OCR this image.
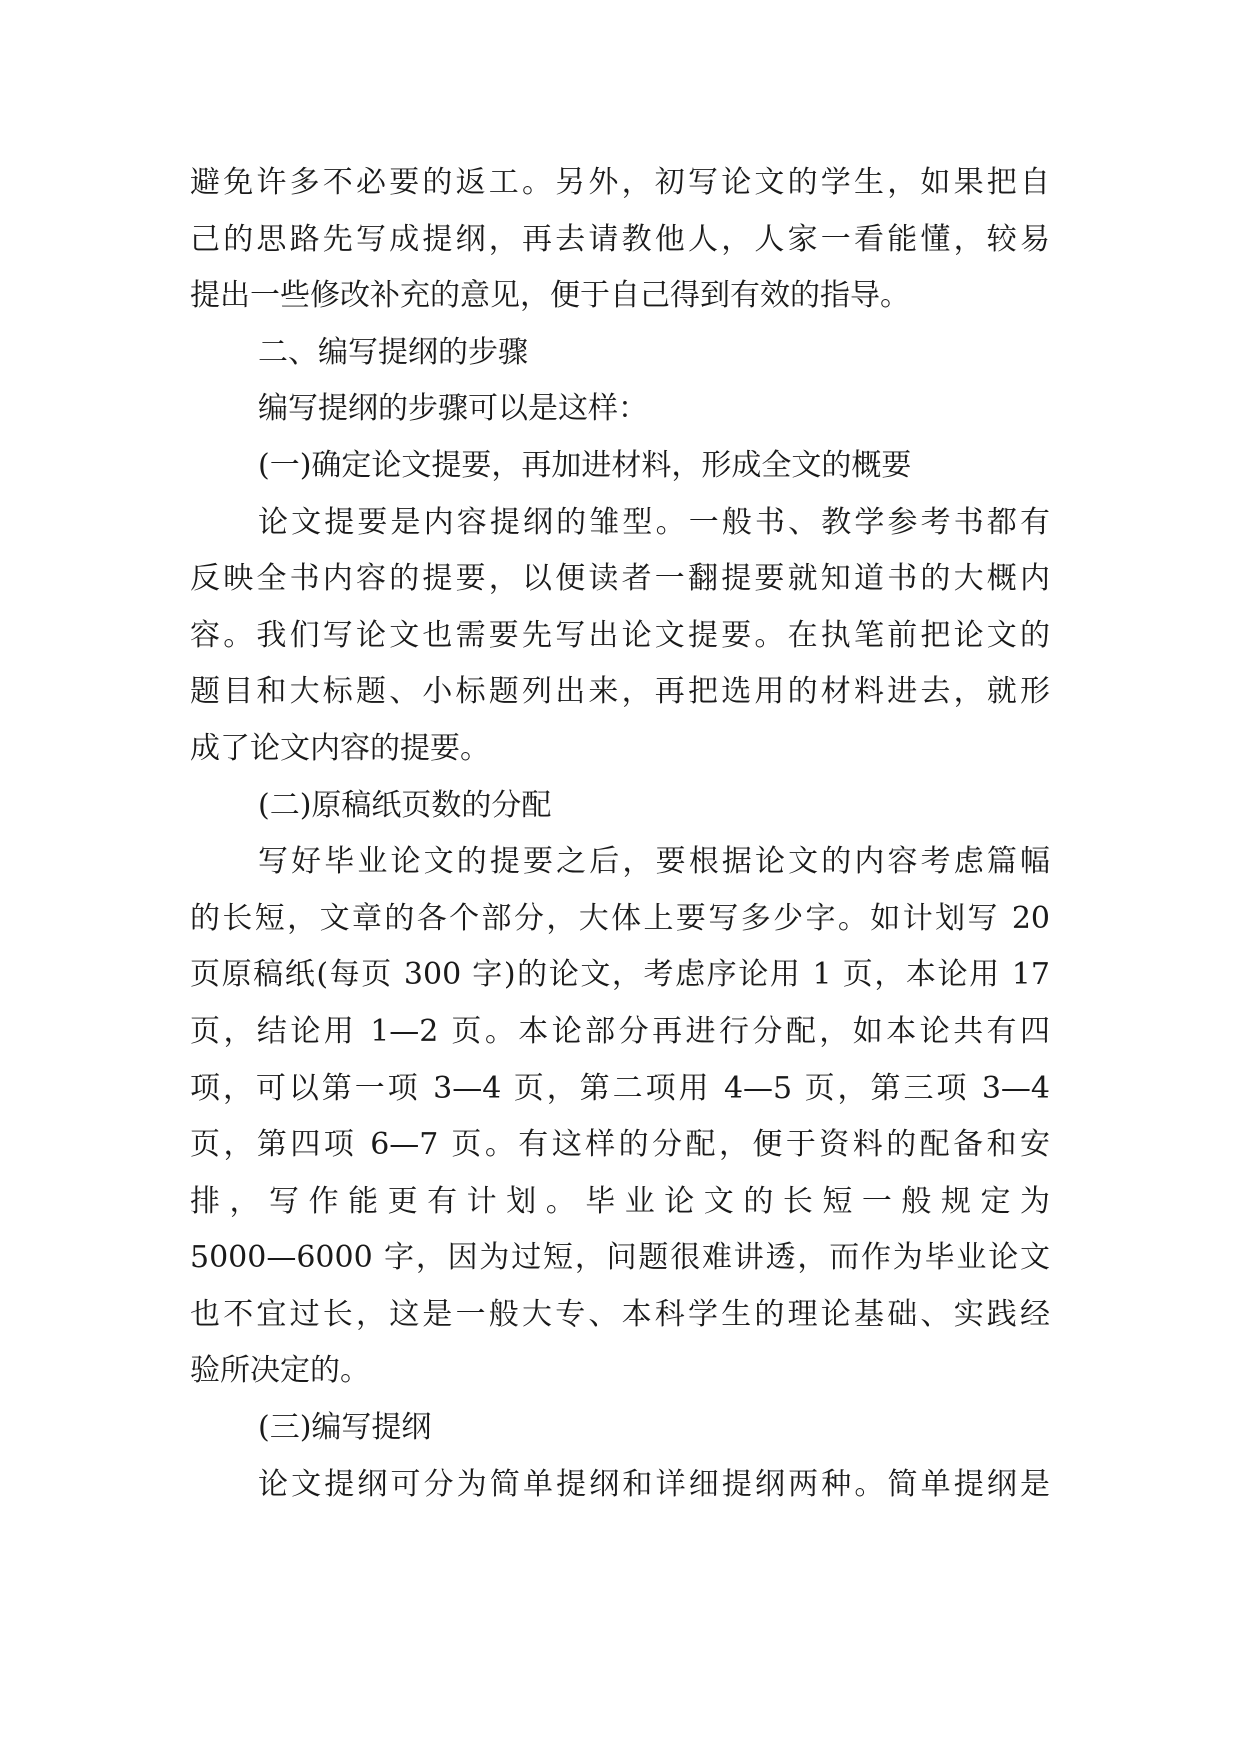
避免许多不必要的返工。另外，初写论文的学生，如果把自
己的思路先写成提纲，再去请教他人，人家一看能懂，较易
提出一些修改补充的意见，便于自己得到有效的指导。
二、编写提纲的步骤
编写提纲的步骤可以是这样：
(一)确定论文提要，再加进材料，形成全文的概要
论文提要是内容提纲的雏型。一般书、教学参考书都有
反映全书内容的提要，以便读者一翻提要就知道书的大概内
容。我们写论文也需要先写出论文提要。在执笔前把论文的
题目和大标题、小标题列出来，再把选用的材料进去，就形
成了论文内容的提要。
(二)原稿纸页数的分配
写好毕业论文的提要之后，要根据论文的内容考虑篇幅
的长短，文章的各个部分，大体上要写多少字。如计划写 20
页原稿纸(每页 300 字)的论文，考虑序论用 1 页，本论用 17
页，结论用 1—2 页。本论部分再进行分配，如本论共有四
项，可以第一项 3—4 页，第二项用 4—5 页，第三项 3—4
页，第四项 6—7 页。有这样的分配，便于资料的配备和安
排，写作能更有计划。毕业论文的长短一般规定为
5000—6000 字，因为过短，问题很难讲透，而作为毕业论文
也不宜过长，这是一般大专、本科学生的理论基础、实践经
验所决定的。
(三)编写提纲
论文提纲可分为简单提纲和详细提纲两种。简单提纲是
